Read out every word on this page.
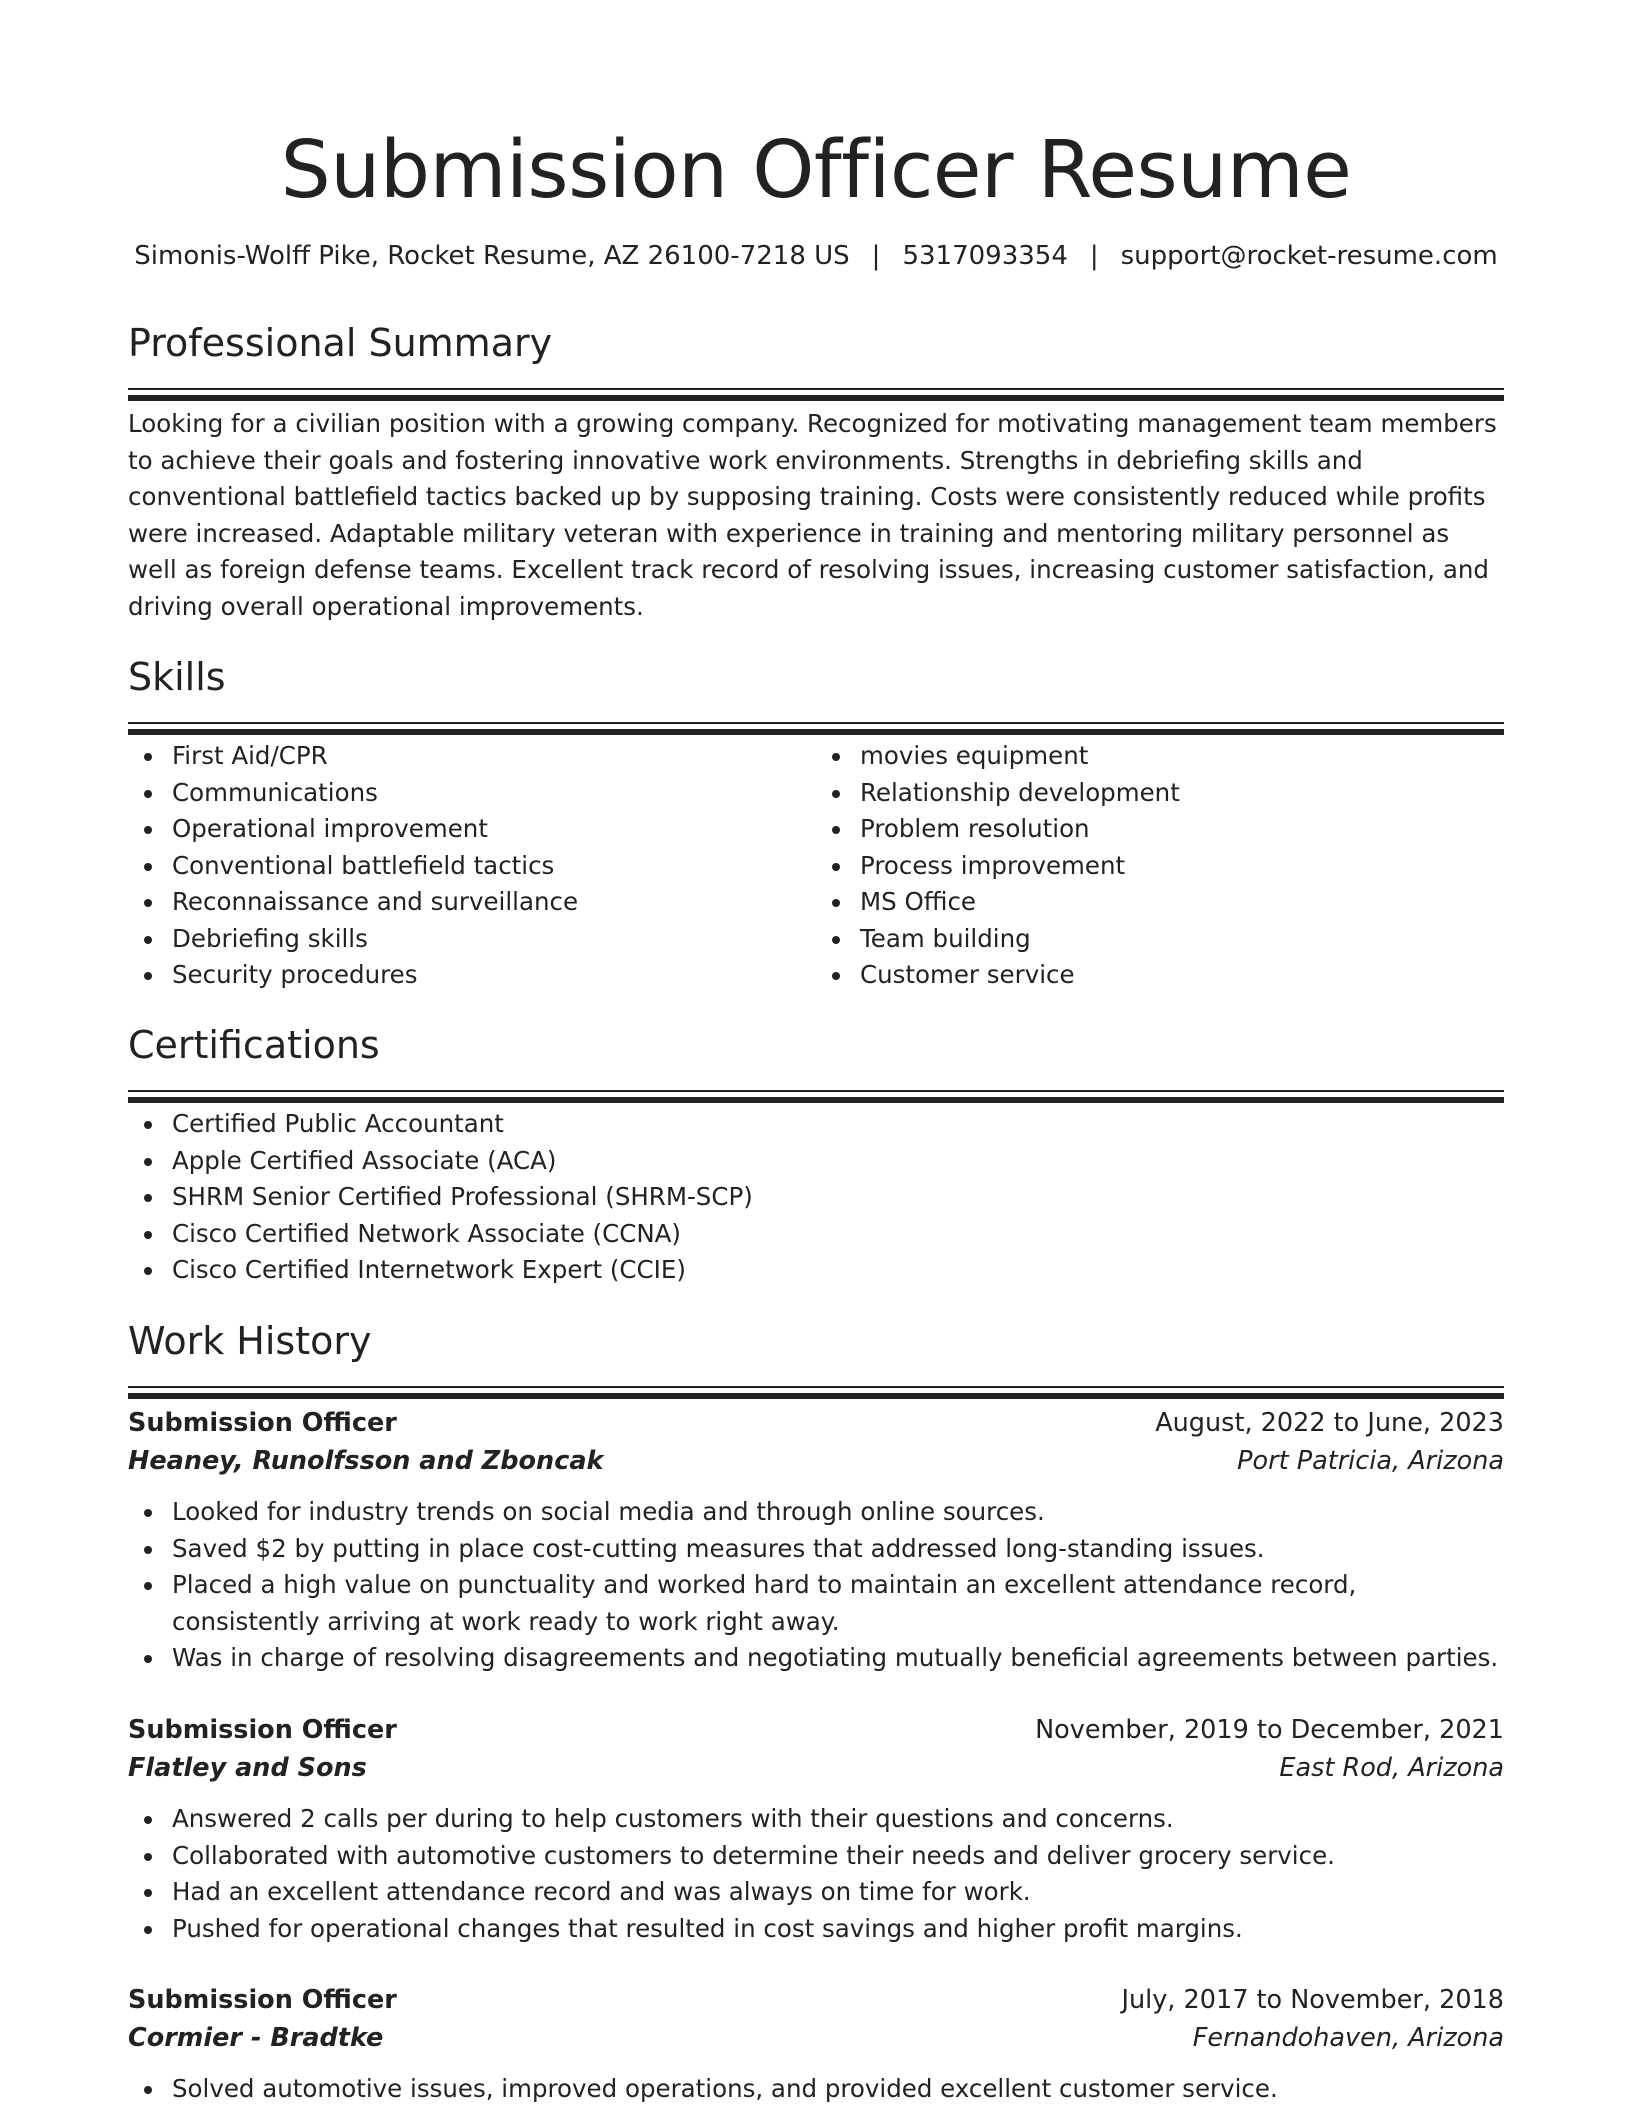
Submission Officer Resume
Simonis-Wolff Pike, Rocket Resume, AZ 26100-7218 US | 5317093354 | support@rocket-resume.com
Professional Summary

Looking for a civilian position with a growing company. Recognized for motivating management team members to achieve their goals and fostering innovative work environments. Strengths in debriefing skills and conventional battlefield tactics backed up by supposing training. Costs were consistently reduced while profits were increased. Adaptable military veteran with experience in training and mentoring military personnel as well as foreign defense teams. Excellent track record of resolving issues, increasing customer satisfaction, and driving overall operational improvements.

Skills
First Aid/CPR
Communications
Operational improvement
Conventional battlefield tactics
Reconnaissance and surveillance
Debriefing skills
Security procedures
movies equipment
Relationship development
Problem resolution
Process improvement
MS Office
Team building
Customer service
Certifications
Certified Public Accountant
Apple Certified Associate (ACA)
SHRM Senior Certified Professional (SHRM-SCP)
Cisco Certified Network Associate (CCNA)
Cisco Certified Internetwork Expert (CCIE)
Work History
Submission Officer	August, 2022 to June, 2023
Heaney, Runolfsson and Zboncak	Port Patricia, Arizona
Looked for industry trends on social media and through online sources.
Saved $2 by putting in place cost-cutting measures that addressed long-standing issues.
Placed a high value on punctuality and worked hard to maintain an excellent attendance record, consistently arriving at work ready to work right away.
Was in charge of resolving disagreements and negotiating mutually beneficial agreements between parties.
Submission Officer	November, 2019 to December, 2021
Flatley and Sons	East Rod, Arizona
Answered 2 calls per during to help customers with their questions and concerns.
Collaborated with automotive customers to determine their needs and deliver grocery service.
Had an excellent attendance record and was always on time for work.
Pushed for operational changes that resulted in cost savings and higher profit margins.
Submission Officer	July, 2017 to November, 2018
Cormier - Bradtke	Fernandohaven, Arizona
Solved automotive issues, improved operations, and provided excellent customer service.
